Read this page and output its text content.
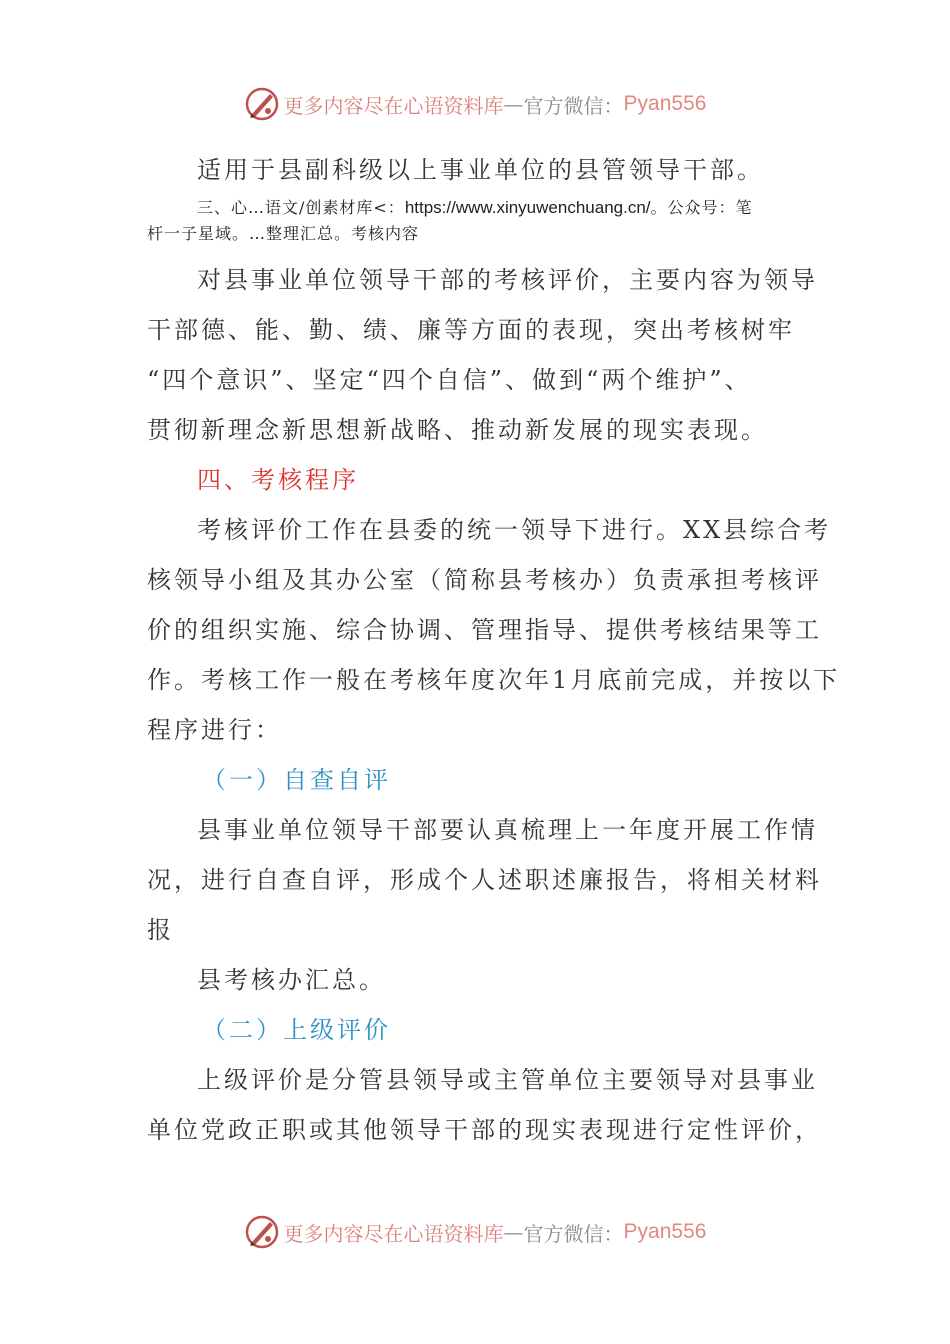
更多内容尽在心语资料库 — 官方微信： Pyan556
适用于县副科级以上事业单位的县管领导干部。
三、心…语文/创素材库<：https://www.xinyuwenchuang.cn/。公众号：笔
杆一子星域。…整理汇总。考核内容
对县事业单位领导干部的考核评价，主要内容为领导
干部德、能、勤、绩、廉等方面的表现，突出考核树牢
“四个意识”、坚定“四个自信”、做到“两个维护”、
贯彻新理念新思想新战略、推动新发展的现实表现。
四、考核程序
考核评价工作在县委的统一领导下进行。XX县综合考
核领导小组及其办公室（简称县考核办）负责承担考核评
价的组织实施、综合协调、管理指导、提供考核结果等工
作。考核工作一般在考核年度次年1月底前完成，并按以下
程序进行：
（一）自查自评
县事业单位领导干部要认真梳理上一年度开展工作情
况，进行自查自评，形成个人述职述廉报告，将相关材料
报
县考核办汇总。
（二）上级评价
上级评价是分管县领导或主管单位主要领导对县事业
单位党政正职或其他领导干部的现实表现进行定性评价，
更多内容尽在心语资料库 — 官方微信： Pyan556
